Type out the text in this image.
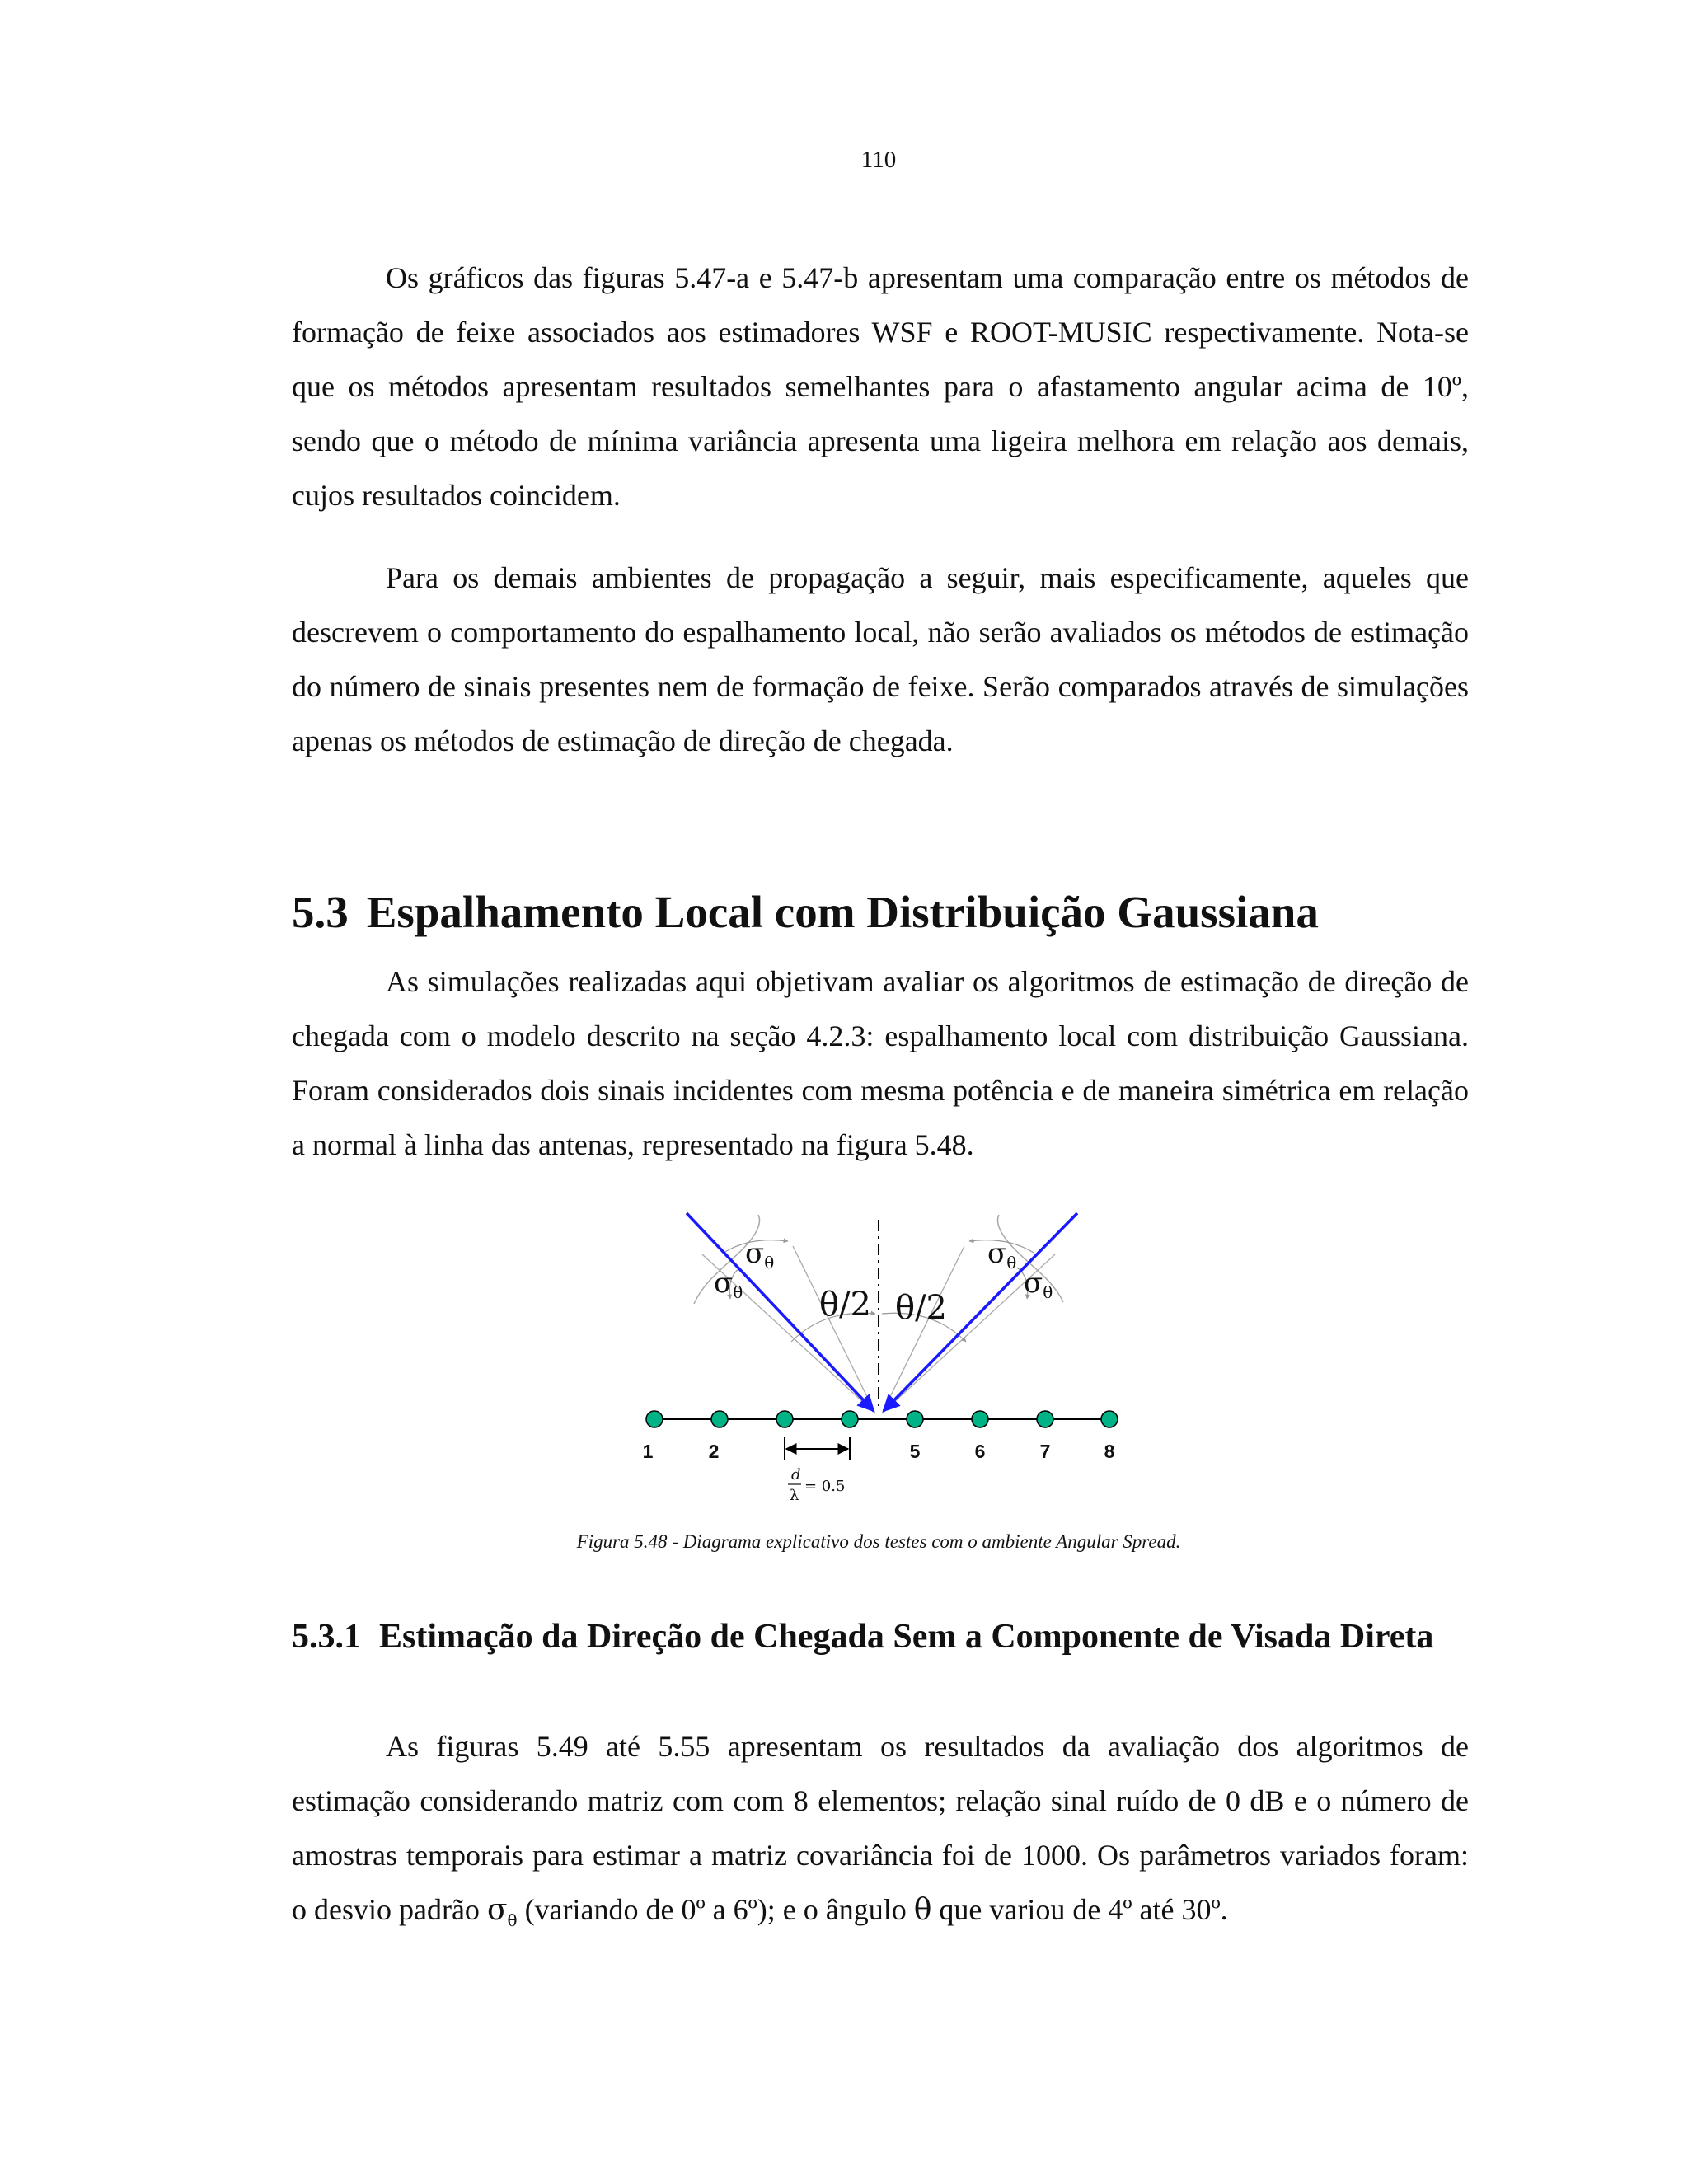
110

Os gráficos das figuras 5.47-a e 5.47-b apresentam uma comparação entre os métodos de formação de feixe associados aos estimadores WSF e ROOT-MUSIC respectivamente. Nota-se que os métodos apresentam resultados semelhantes para o afastamento angular acima de 10º, sendo que o método de mínima variância apresenta uma ligeira melhora em relação aos demais, cujos resultados coincidem.

Para os demais ambientes de propagação a seguir, mais especificamente, aqueles que descrevem o comportamento do espalhamento local, não serão avaliados os métodos de estimação do número de sinais presentes nem de formação de feixe. Serão comparados através de simulações apenas os métodos de estimação de direção de chegada.

5.3 Espalhamento Local com Distribuição Gaussiana

As simulações realizadas aqui objetivam avaliar os algoritmos de estimação de direção de chegada com o modelo descrito na seção 4.2.3: espalhamento local com distribuição Gaussiana. Foram considerados dois sinais incidentes com mesma potência e de maneira simétrica em relação a normal à linha das antenas, representado na figura 5.48.

1	2	5	6	7	8
d
λ
= 0.5
$\sigma_\theta$
$\sigma_\theta$
$\sigma_\theta$
$\sigma_\theta$
θ/2 θ/2
Figura 5.48 - Diagrama explicativo dos testes com o ambiente Angular Spread.
5.3.1 Estimação da Direção de Chegada Sem a Componente de Visada Direta

As figuras 5.49 até 5.55 apresentam os resultados da avaliação dos algoritmos de estimação considerando matriz com com 8 elementos; relação sinal ruído de 0 dB e o número de amostras temporais para estimar a matriz covariância foi de 1000. Os parâmetros variados foram: o desvio padrão $\sigma_\theta$ (variando de 0º a 6º); e o ângulo θ que variou de 4º até 30º.
